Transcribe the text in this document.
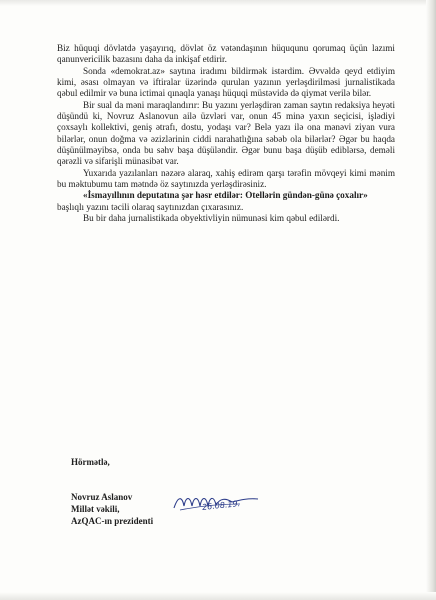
Biz hüquqi dövlətdə yaşayırıq, dövlət öz vətəndaşının hüququnu qorumaq üçün lazımi qanunvericilik bazasını daha da inkişaf etdirir.

Sonda «demokrat.az» saytına iradımı bildirmək istərdim. Əvvəldə qeyd etdiyim kimi, əsası olmayan və iftiralar üzərində qurulan yazının yerləşdirilməsi jurnalistikada qəbul edilmir və buna ictimai qınaqla yanaşı hüquqi müstəvidə də qiymət verilə bilər.

Bir sual da məni maraqlandırır: Bu yazını yerləşdirən zaman saytın redaksiya heyəti düşündü ki, Novruz Aslanovun ailə üzvləri var, onun 45 minə yaxın seçicisi, işlədiyi çoxsaylı kollektivi, geniş ətrafı, dostu, yodaşı var? Belə yazı ilə ona mənəvi ziyan vura bilərlər, onun doğma və əzizlərinin ciddi narahatlığına səbəb ola bilərlər? Əgər bu haqda düşünülməyibsə, onda bu səhv başa düşüləndir. Əgər bunu başa düşüb ediblərsə, deməli qərəzli və sifarişli münasibət var.

Yuxarıda yazılanları nəzərə alaraq, xahiş edirəm qarşı tərəfin mövqeyi kimi mənim bu məktubumu tam mətndə öz saytınızda yerləşdirəsiniz.

«İsmayıllının deputatına şər həsr etdilər: Otellərin gündən-günə çoxalır»

başlıqlı yazını təcili olaraq saytınızdan çıxarasınız.

Bu bir daha jurnalistikada obyektivliyin nümunəsi kim qəbul edilərdi.

Hörmətlə,
Novruz Aslanov
Millət vəkili,
AzQAC-ın prezidenti
26.08.19.
